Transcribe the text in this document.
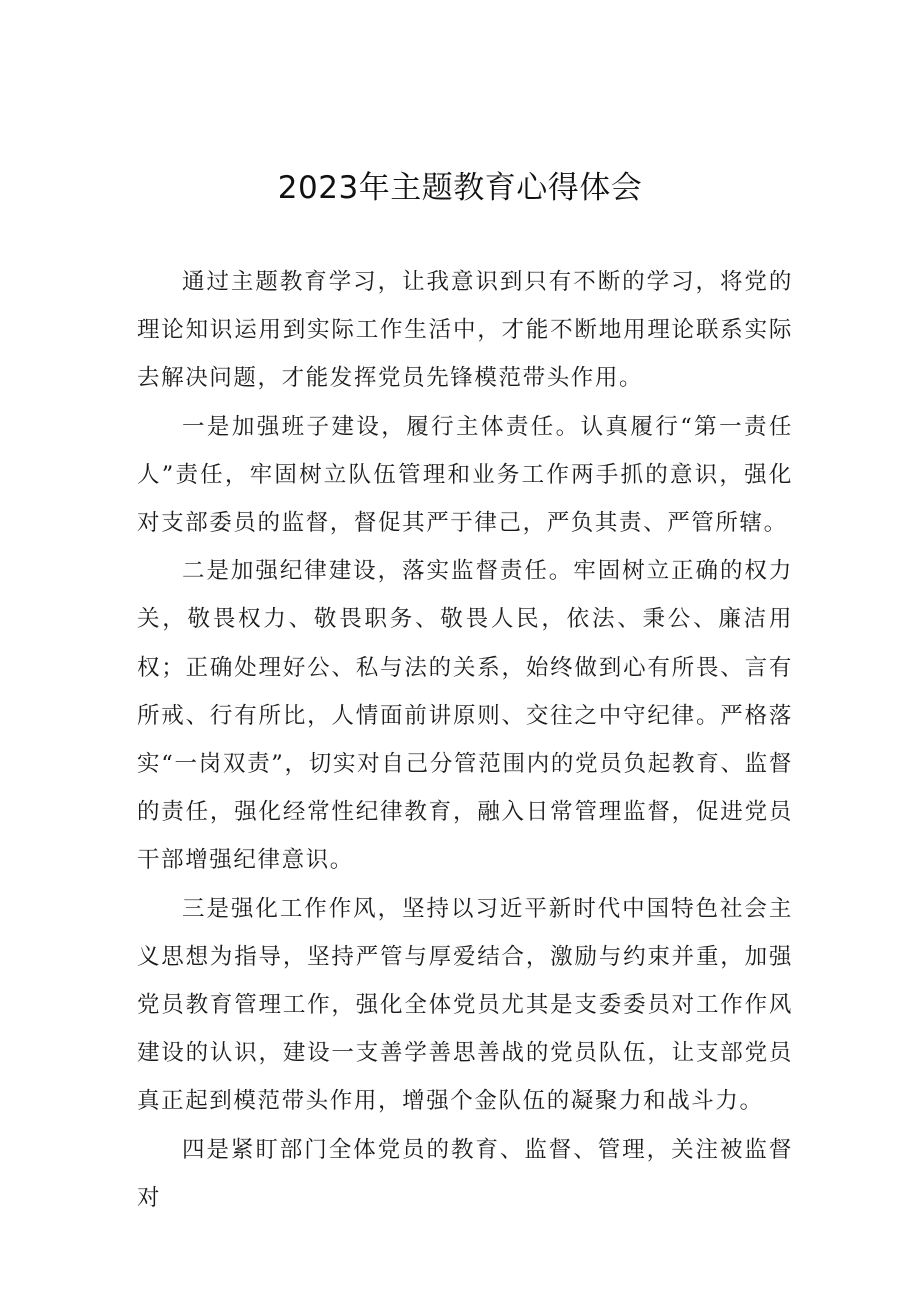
2023年主题教育心得体会

通过主题教育学习，让我意识到只有不断的学习，将党的理论知识运用到实际工作生活中，才能不断地用理论联系实际去解决问题，才能发挥党员先锋模范带头作用。

一是加强班子建设，履行主体责任。认真履行“第一责任人”责任，牢固树立队伍管理和业务工作两手抓的意识，强化对支部委员的监督，督促其严于律己，严负其责、严管所辖。

二是加强纪律建设，落实监督责任。牢固树立正确的权力关，敬畏权力、敬畏职务、敬畏人民，依法、秉公、廉洁用权；正确处理好公、私与法的关系，始终做到心有所畏、言有所戒、行有所比，人情面前讲原则、交往之中守纪律。严格落实“一岗双责”，切实对自己分管范围内的党员负起教育、监督的责任，强化经常性纪律教育，融入日常管理监督，促进党员干部增强纪律意识。

三是强化工作作风，坚持以习近平新时代中国特色社会主义思想为指导，坚持严管与厚爱结合，激励与约束并重，加强党员教育管理工作，强化全体党员尤其是支委委员对工作作风建设的认识，建设一支善学善思善战的党员队伍，让支部党员真正起到模范带头作用，增强个金队伍的凝聚力和战斗力。

四是紧盯部门全体党员的教育、监督、管理，关注被监督对
